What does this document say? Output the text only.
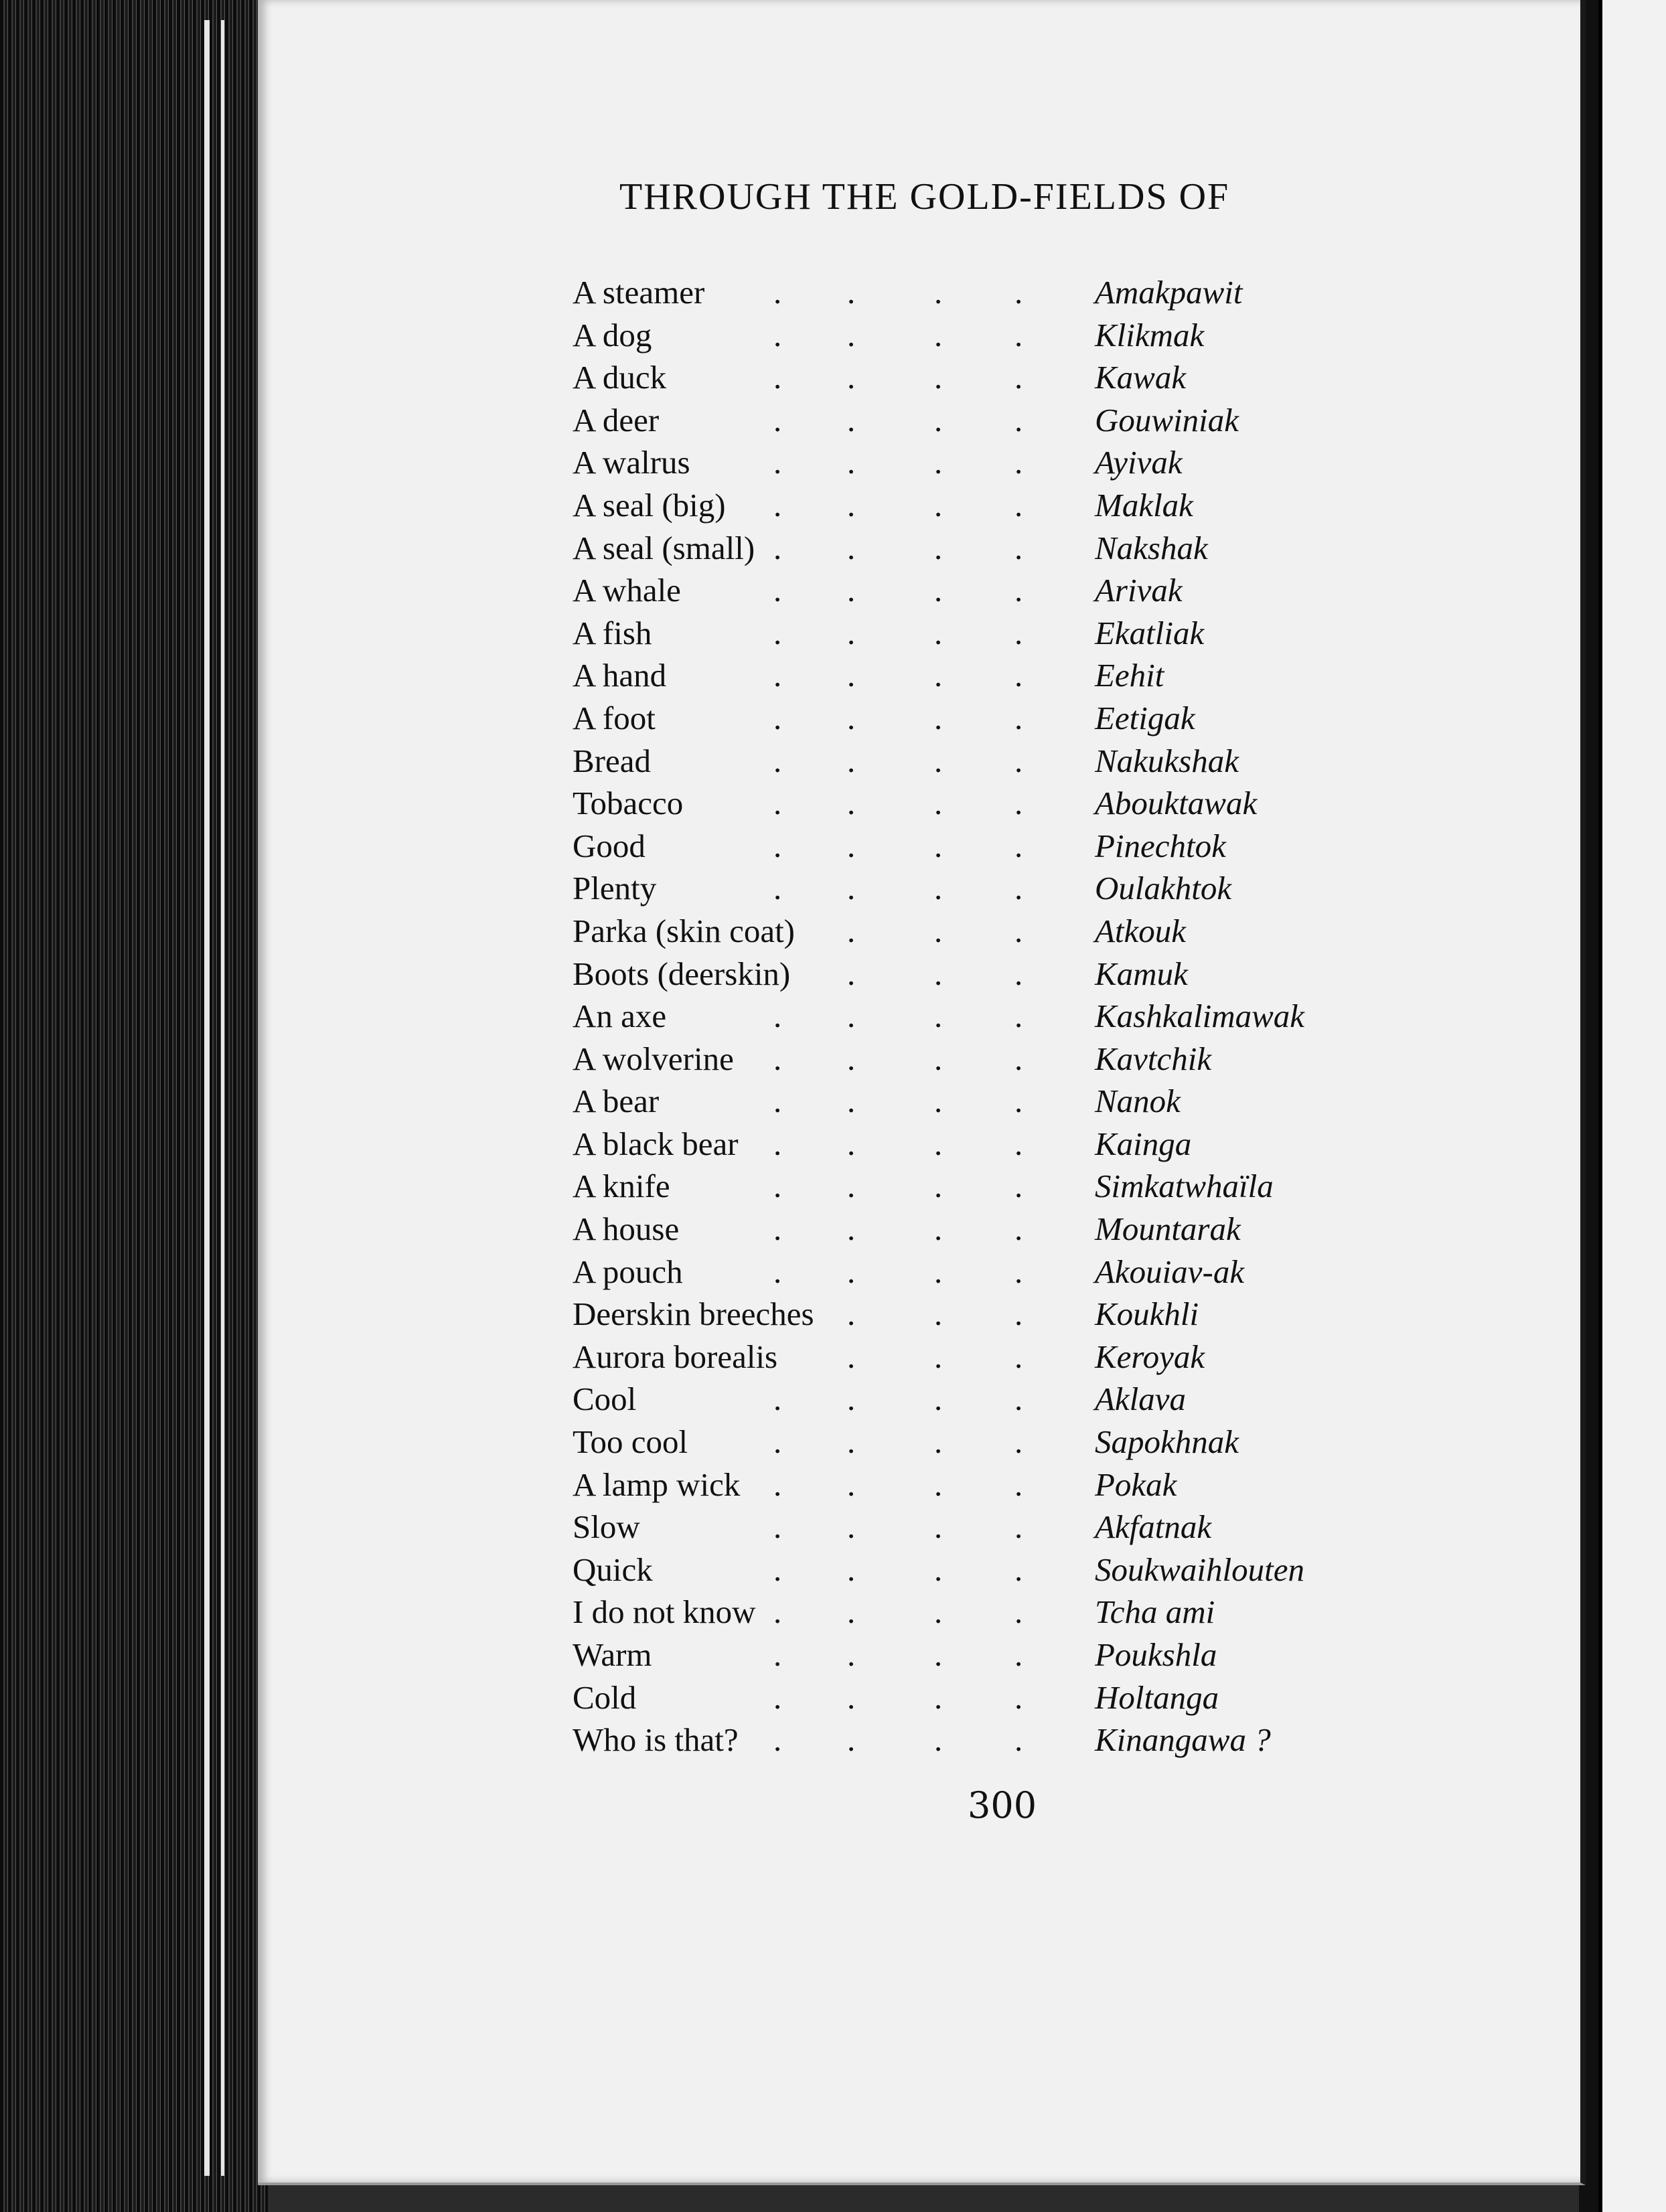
THROUGH THE GOLD-FIELDS OF
A steamer . . . . Amakpawit
A dog	. . . . Klikmak
A duck	. . . . Kawak
A deer	. . . . Gouwiniak
A walrus	. . . . Ayivak
A seal (big) . . . . Maklak
A seal (small) . . . . Nakshak
A whale	. . . . Arivak
A fish	. . . . Ekatliak
A hand	. . . . Eehit
A foot	. . . . Eetigak
Bread	. . . . Nakukshak
Tobacco	. . . . Abouktawak
Good	. . . . Pinechtok
Plenty	. . . . Oulakhtok
Parka (skin coat) . . . Atkouk
Boots (deerskin) . . . Kamuk
An axe	. . . . Kashkalimawak
A wolverine . . . . Kavtchik
A bear	. . . . Nanok
A black bear . . . . Kainga
A knife	. . . . Simkatwhaïla
A house	. . . . Mountarak
A pouch	. . . . Akouiav-ak
Deerskin breeches . . . Koukhli
Aurora borealis . . . Keroyak
Cool	. . . . Aklava
Too cool	. . . . Sapokhnak
A lamp wick . . . . Pokak
Slow	. . . . Akfatnak
Quick	. . . . Soukwaihlouten
I do not know . . . . Tcha ami
Warm	. . . . Poukshla
Cold	. . . . Holtanga
Who is that? . . . . Kinangawa ?
300
